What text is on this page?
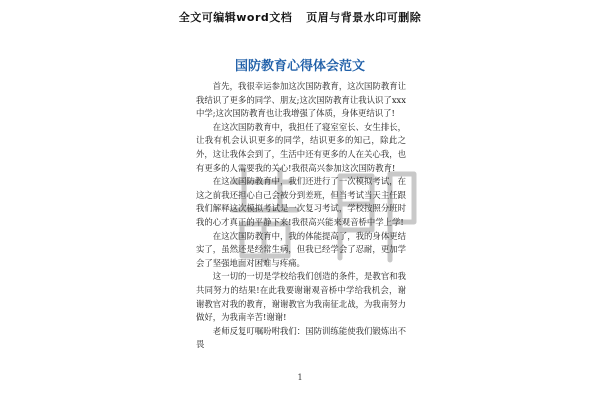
全文可编辑word文档 页眉与背景水印可删除
国防教育心得体会范文

首先，我很幸运参加这次国防教育，这次国防教育让我结识了更多的同学、朋友;这次国防教育让我认识了xxx中学;这次国防教育也让我增强了体质，身体更结识了!

在这次国防教育中，我担任了寝室室长、女生排长，让我有机会认识更多的同学，结识更多的知己，除此之外，这让我体会到了，生活中还有更多的人在关心我，也有更多的人需要我的关心!我很高兴参加这次国防教育!

在这次国防教育中，我们还进行了一次模拟考试，在这之前我还担心自己会被分到差班，但当考试当天主任跟我们解释这次模拟考试是一次复习考试，学校按照分班时我的心才真正的平静下来!我很高兴能来观音桥中学上学!

在这次国防教育中，我的体能提高了，我的身体更结实了，虽然还是经常生病，但我已经学会了忍耐，更加学会了坚强地面对困难与疼痛。

这一切的一切是学校给我们创造的条件，是教官和我共同努力的结果!在此我要谢谢观音桥中学给我机会，谢谢教官对我的教育，谢谢教官为我南征北战，为我南努力做好，为我南辛苦!谢谢!

老师反复叮嘱吩咐我们：国防训练能使我们锻炼出不畏

1
